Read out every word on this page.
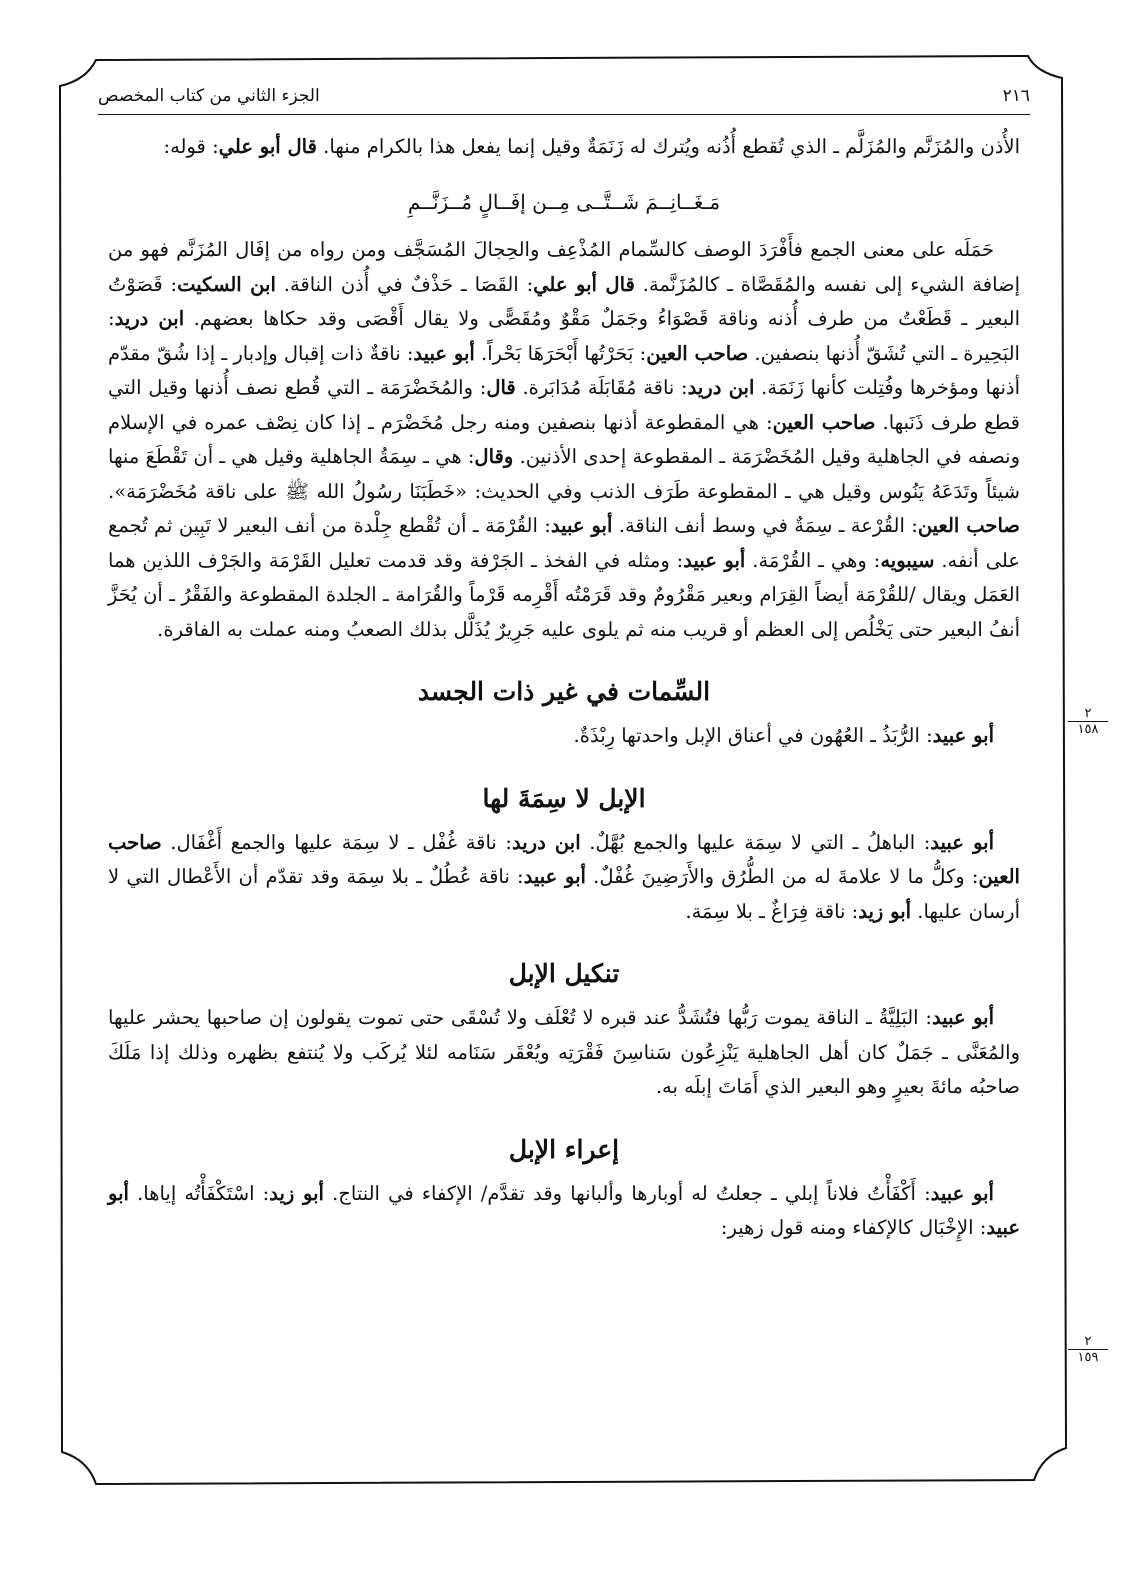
٢١٦
الجزء الثاني من كتاب المخصص

الأُذن والمُزَنَّم والمُزَلَّم ـ الذي تُقطع أُذُنه ويُترك له زَنَمَةٌ وقيل إنما يفعل هذا بالكرام منها. قال أبو علي: قوله:

مَـغَــانِــمَ شَــتَّــى مِــن إفَــالٍ مُــزَنَّــمِ

حَمَلَه على معنى الجمع فأَفْرَدَ الوصف كالسِّمام المُذْعِف والحِجالَ المُسَجَّف ومن رواه من إفَال المُزَنَّم فهو من إضافة الشيء إلى نفسه والمُقَصَّاة ـ كالمُزَنَّمة. قال أبو علي: القَصَا ـ حَذْفٌ في أُذن الناقة. ابن السكيت: قَصَوْتُ البعير ـ قَطَعْتُ من طرف أُذنه وناقة قَصْوَاءُ وجَمَلٌ مَقْوٌ ومُقَصًّى ولا يقال أَقْصَى وقد حكاها بعضهم. ابن دريد: البَحِيرة ـ التي تُشَقّ أُذنها بنصفين. صاحب العين: بَحَرْتُها أَبْحَرَهَا بَحْراً. أبو عبيد: ناقةٌ ذات إقبال وإدبار ـ إذا شُقّ مقدّم أذنها ومؤخرها وفُتِلت كأنها زَنَمَة. ابن دريد: ناقة مُقَابَلَة مُدَابَرة. قال: والمُخَضْرَمَة ـ التي قُطع نصف أُذنها وقيل التي قطع طرف ذَنَبها. صاحب العين: هي المقطوعة أذنها بنصفين ومنه رجل مُخَضْرَم ـ إذا كان نِصْف عمره في الإسلام ونصفه في الجاهلية وقيل المُخَضْرَمَة ـ المقطوعة إحدى الأذنين. وقال: هي ـ سِمَةُ الجاهلية وقيل هي ـ أن تَقْطَعَ منها شيئاً وتَدَعَهُ يَنُوس وقيل هي ـ المقطوعة طَرَف الذنب وفي الحديث: «خَطَبَنَا رسُولُ الله ﷺ على ناقة مُخَضْرَمَة». صاحب العين: القُرْعة ـ سِمَةٌ في وسط أنف الناقة. أبو عبيد: القُرْمَة ـ أن تُقْطع جِلْدة من أنف البعير لا تَبِين ثم تُجمع على أنفه. سيبويه: وهي ـ القُرْمَة. أبو عبيد: ومثله في الفخذ ـ الجَرْفة وقد قدمت تعليل القَرْمَة والجَرْف اللذين هما العَمَل ويقال /للقُرْمَة أيضاً القِرَام وبعير مَقْرُومٌ وقد قَرَمْتُه أَقْرِمه قَرْماً والقُرَامة ـ الجلدة المقطوعة والفَقْرُ ـ أن يُحَزَّ أنفُ البعير حتى يَخْلُص إلى العظم أو قريب منه ثم يلوى عليه جَرِيرٌ يُذَلَّل بذلك الصعبُ ومنه عملت به الفاقرة.

السِّمات في غير ذات الجسد

أبو عبيد: الرُّبَذُ ـ العُهُون في أعناق الإبل واحدتها رِبْذَةٌ.

الإبل لا سِمَةَ لها

أبو عبيد: الباهلُ ـ التي لا سِمَة عليها والجمع بُهَّلٌ. ابن دريد: ناقة غُفْل ـ لا سِمَة عليها والجمع أَغْفَال. صاحب العين: وكلُّ ما لا علامةَ له من الطُّرُق والأَرَضِينَ غُفْلٌ. أبو عبيد: ناقة عُطُلٌ ـ بلا سِمَة وقد تقدّم أن الأَعْطال التي لا أرسان عليها. أبو زيد: ناقة فِرَاغٌ ـ بلا سِمَة.

تنكيل الإبل

أبو عبيد: البَلِيَّةُ ـ الناقة يموت رَبُّها فتُشَدُّ عند قبره لا تُعْلَف ولا تُسْقَى حتى تموت يقولون إن صاحبها يحشر عليها والمُعَنَّى ـ جَمَلٌ كان أهل الجاهلية يَنْزِعُون سَناسِنَ فَقْرَتِه ويُعْقَر سَنَامه لئلا يُركَب ولا يُنتفع بظهره وذلك إذا مَلَكَ صاحبُه مائةَ بعيرٍ وهو البعير الذي أَمَاتَ إبلَه به.

إعراء الإبل

أبو عبيد: أَكْفَأْتُ فلاناً إبلي ـ جعلتُ له أوبارها وألبانها وقد تقدَّم/ الإكفاء في النتاج. أبو زيد: اسْتَكْفَأْتُه إياها. أبو عبيد: الإِخْبَال كالإكفاء ومنه قول زهير:

٢
١٥٨
٢
١٥٩
